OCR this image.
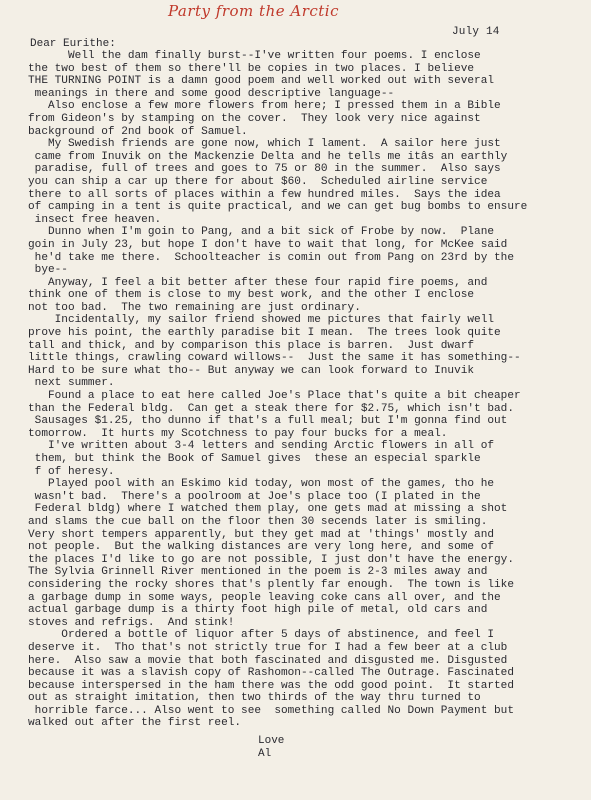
Party from the Arctic
July 14
Dear Eurithe:
Well the dam finally burst--I've written four poems. I enclose
the two best of them so there'll be copies in two places. I believe
THE TURNING POINT is a damn good poem and well worked out with several
meanings in there and some good descriptive language--
Also enclose a few more flowers from here; I pressed them in a Bible
from Gideon's by stamping on the cover.  They look very nice against
background of 2nd book of Samuel.
My Swedish friends are gone now, which I lament.  A sailor here just
came from Inuvik on the Mackenzie Delta and he tells me itâs an earthly
paradise, full of trees and goes to 75 or 80 in the summer.  Also says
you can ship a car up there for about $60.  Scheduled airline service
there to all sorts of places within a few hundred miles.  Says the idea
of camping in a tent is quite practical, and we can get bug bombs to ensure
insect free heaven.
Dunno when I'm goin to Pang, and a bit sick of Frobe by now.  Plane
goin in July 23, but hope I don't have to wait that long, for McKee said
he'd take me there.  Schoolteacher is comin out from Pang on 23rd by the
bye--
Anyway, I feel a bit better after these four rapid fire poems, and
think one of them is close to my best work, and the other I enclose
not too bad.  The two remaining are just ordinary.
Incidentally, my sailor friend showed me pictures that fairly well
prove his point, the earthly paradise bit I mean.  The trees look quite
tall and thick, and by comparison this place is barren.  Just dwarf
little things, crawling coward willows--  Just the same it has something--
Hard to be sure what tho-- But anyway we can look forward to Inuvik
next summer.
Found a place to eat here called Joe's Place that's quite a bit cheaper
than the Federal bldg.  Can get a steak there for $2.75, which isn't bad.
Sausages $1.25, tho dunno if that's a full meal; but I'm gonna find out
tomorrow.  It hurts my Scotchness to pay four bucks for a meal.
I've written about 3-4 letters and sending Arctic flowers in all of
them, but think the Book of Samuel gives  these an especial sparkle
f of heresy.
Played pool with an Eskimo kid today, won most of the games, tho he
wasn't bad.  There's a poolroom at Joe's place too (I plated in the
Federal bldg) where I watched them play, one gets mad at missing a shot
and slams the cue ball on the floor then 30 secends later is smiling.
Very short tempers apparently, but they get mad at 'things' mostly and
not people.  But the walking distances are very long here, and some of
the places I'd like to go are not possible, I just don't have the energy.
The Sylvia Grinnell River mentioned in the poem is 2-3 miles away and
considering the rocky shores that's plently far enough.  The town is like
a garbage dump in some ways, people leaving coke cans all over, and the
actual garbage dump is a thirty foot high pile of metal, old cars and
stoves and refrigs.  And stink!
Ordered a bottle of liquor after 5 days of abstinence, and feel I
deserve it.  Tho that's not strictly true for I had a few beer at a club
here.  Also saw a movie that both fascinated and disgusted me. Disgusted
because it was a slavish copy of Rashomon--called The Outrage. Fascinated
because interspersed in the ham there was the odd good point.  It started
out as straight imitation, then two thirds of the way thru turned to
horrible farce... Also went to see  something called No Down Payment but
walked out after the first reel.
Love
Al
